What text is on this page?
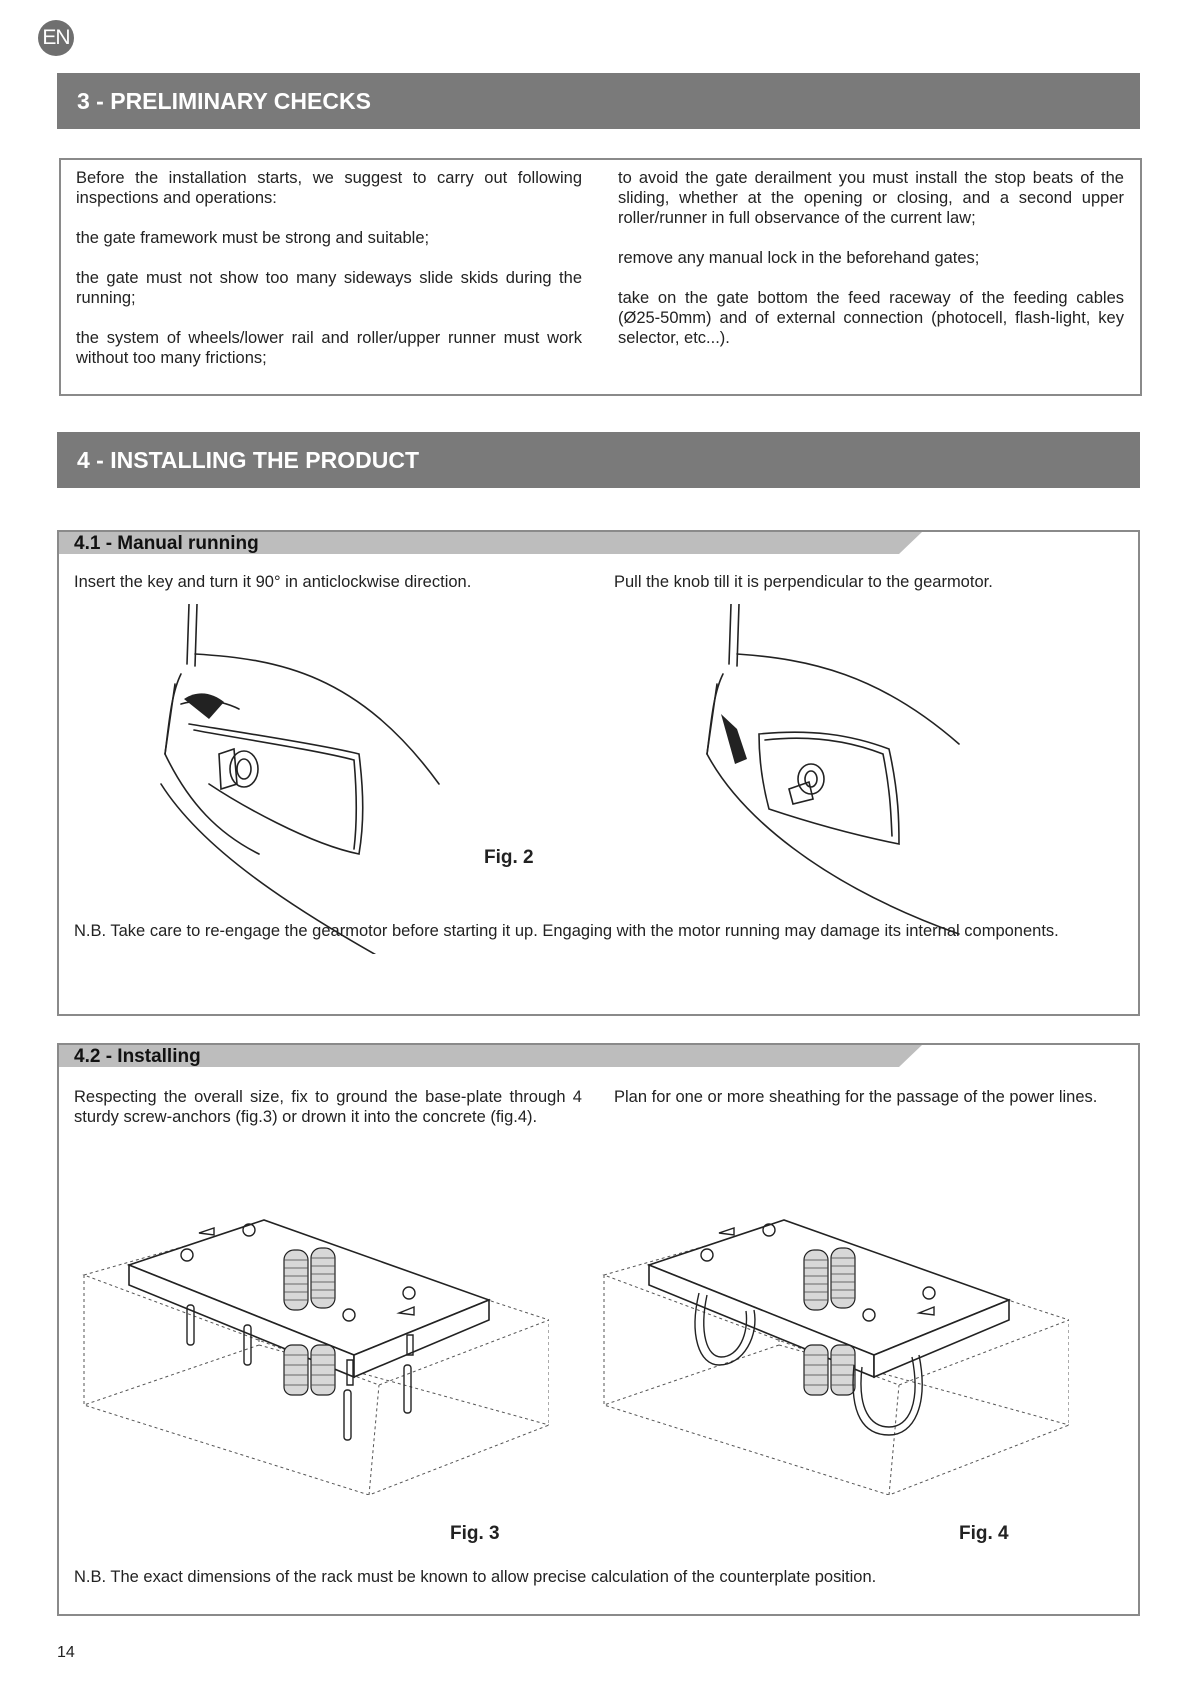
EN
3 - PRELIMINARY CHECKS

Before the installation starts, we suggest to carry out following inspections and operations:

the gate framework must be strong and suitable;

the gate must not show too many sideways slide skids during the running;

the system of wheels/lower rail and roller/upper runner must work without too many frictions;

to avoid the gate derailment you must install the stop beats of the sliding, whether at the opening or closing, and a second upper roller/runner in full observance of the current law;

remove any manual lock in the beforehand gates;

take on the gate bottom the feed raceway of the feeding cables (Ø25-50mm) and of external connection (photocell, flash-light, key selector, etc...).

4 - INSTALLING THE PRODUCT
4.1 - Manual running
Insert the key and turn it 90° in anticlockwise direction.	Pull the knob till it is perpendicular to the gearmotor.
Fig. 2
N.B. Take care to re-engage the gearmotor before starting it up. Engaging with the motor running may damage its internal components.
4.2 - Installing
Respecting the overall size, fix to ground the base-plate through 4 sturdy screw-anchors (fig.3) or drown it into the concrete (fig.4).
Plan for one or more sheathing for the passage of the power lines.
Fig. 3	Fig. 4
N.B. The exact dimensions of the rack must be known to allow precise calculation of the counterplate position.
14
